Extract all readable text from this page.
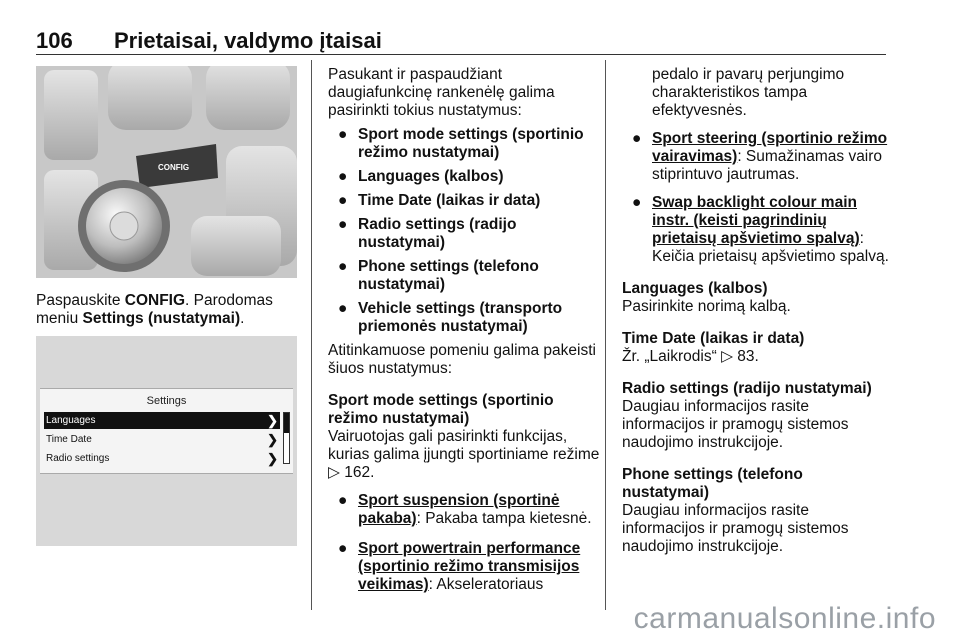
106 Prietaisai, valdymo įtaisai
CONFIG

Paspauskite CONFIG. Parodomas meniu Settings (nustatymai).

Settings
Languages	❯
Time Date	❯
Radio settings	❯

Pasukant ir paspaudžiant daugiafunkcinę rankenėlę galima pasirinkti tokius nustatymus:

● Sport mode settings (sportinio režimo nustatymai)
● Languages (kalbos)
● Time Date (laikas ir data)
● Radio settings (radijo nustatymai)
● Phone settings (telefono nustatymai)
● Vehicle settings (transporto priemonės nustatymai)

Atitinkamuose pomeniu galima pakeisti šiuos nustatymus:

Sport mode settings (sportinio režimo nustatymai)

Vairuotojas gali pasirinkti funkcijas, kurias galima įjungti sportiniame režime ▷ 162.

● Sport suspension (sportinė pakaba): Pakaba tampa kietesnė.
● Sport powertrain performance (sportinio režimo transmisijos veikimas): Akseleratoriaus

pedalo ir pavarų perjungimo charakteristikos tampa efektyvesnės.

● Sport steering (sportinio režimo vairavimas): Sumažinamas vairo stiprintuvo jautrumas.
● Swap backlight colour main instr. (keisti pagrindinių prietaisų apšvietimo spalvą): Keičia prietaisų apšvietimo spalvą.

Languages (kalbos)

Pasirinkite norimą kalbą.

Time Date (laikas ir data)

Žr. „Laikrodis“ ▷ 83.

Radio settings (radijo nustatymai)

Daugiau informacijos rasite informacijos ir pramogų sistemos naudojimo instrukcijoje.

Phone settings (telefono nustatymai)

Daugiau informacijos rasite informacijos ir pramogų sistemos naudojimo instrukcijoje.

carmanualsonline.info
